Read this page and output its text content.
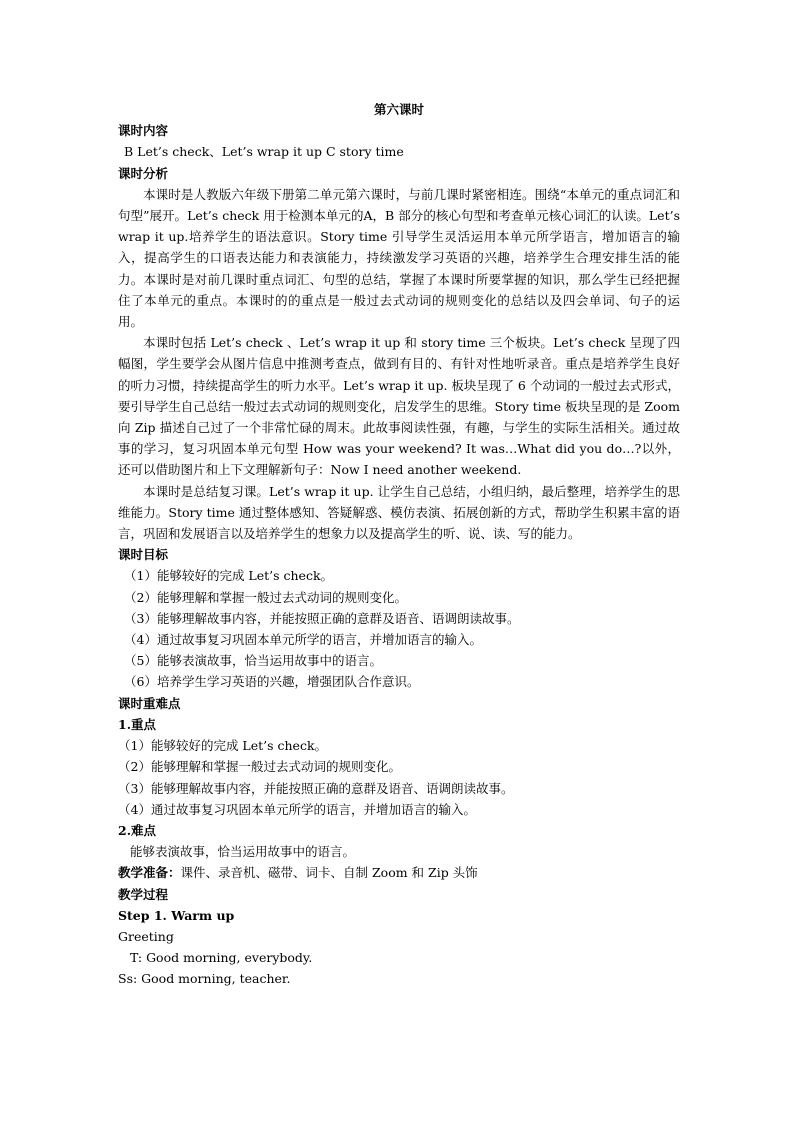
第六课时
课时内容
B Let’s check、Let’s wrap it up C story time
课时分析
本课时是人教版六年级下册第二单元第六课时，与前几课时紧密相连。围绕“本单元的重点词汇和句型”展开。Let’s check 用于检测本单元的A，B 部分的核心句型和考查单元核心词汇的认读。Let’s wrap it up.培养学生的语法意识。Story time 引导学生灵活运用本单元所学语言，增加语言的输入，提高学生的口语表达能力和表演能力，持续激发学习英语的兴趣，培养学生合理安排生活的能力。本课时是对前几课时重点词汇、句型的总结，掌握了本课时所要掌握的知识，那么学生已经把握住了本单元的重点。本课时的的重点是一般过去式动词的规则变化的总结以及四会单词、句子的运用。
本课时包括 Let’s check 、Let’s wrap it up 和 story time 三个板块。Let’s check 呈现了四幅图，学生要学会从图片信息中推测考查点，做到有目的、有针对性地听录音。重点是培养学生良好的听力习惯，持续提高学生的听力水平。Let’s wrap it up. 板块呈现了 6 个动词的一般过去式形式，要引导学生自己总结一般过去式动词的规则变化，启发学生的思维。Story time 板块呈现的是 Zoom 向 Zip 描述自己过了一个非常忙碌的周末。此故事阅读性强，有趣，与学生的实际生活相关。通过故事的学习，复习巩固本单元句型 How was your weekend? It was…What did you do…?以外，还可以借助图片和上下文理解新句子：Now I need another weekend.
本课时是总结复习课。Let’s wrap it up. 让学生自己总结，小组归纳，最后整理，培养学生的思维能力。Story time 通过整体感知、答疑解惑、模仿表演、拓展创新的方式，帮助学生积累丰富的语言，巩固和发展语言以及培养学生的想象力以及提高学生的听、说、读、写的能力。
课时目标
（1）能够较好的完成 Let’s check。
（2）能够理解和掌握一般过去式动词的规则变化。
（3）能够理解故事内容，并能按照正确的意群及语音、语调朗读故事。
（4）通过故事复习巩固本单元所学的语言，并增加语言的输入。
（5）能够表演故事，恰当运用故事中的语言。
（6）培养学生学习英语的兴趣，增强团队合作意识。
课时重难点
1.重点
（1）能够较好的完成 Let’s check。
（2）能够理解和掌握一般过去式动词的规则变化。
（3）能够理解故事内容，并能按照正确的意群及语音、语调朗读故事。
（4）通过故事复习巩固本单元所学的语言，并增加语言的输入。
2.难点
能够表演故事，恰当运用故事中的语言。
教学准备：课件、录音机、磁带、词卡、自制 Zoom 和 Zip 头饰
教学过程
Step 1. Warm up
Greeting
T: Good morning, everybody.
Ss: Good morning, teacher.
